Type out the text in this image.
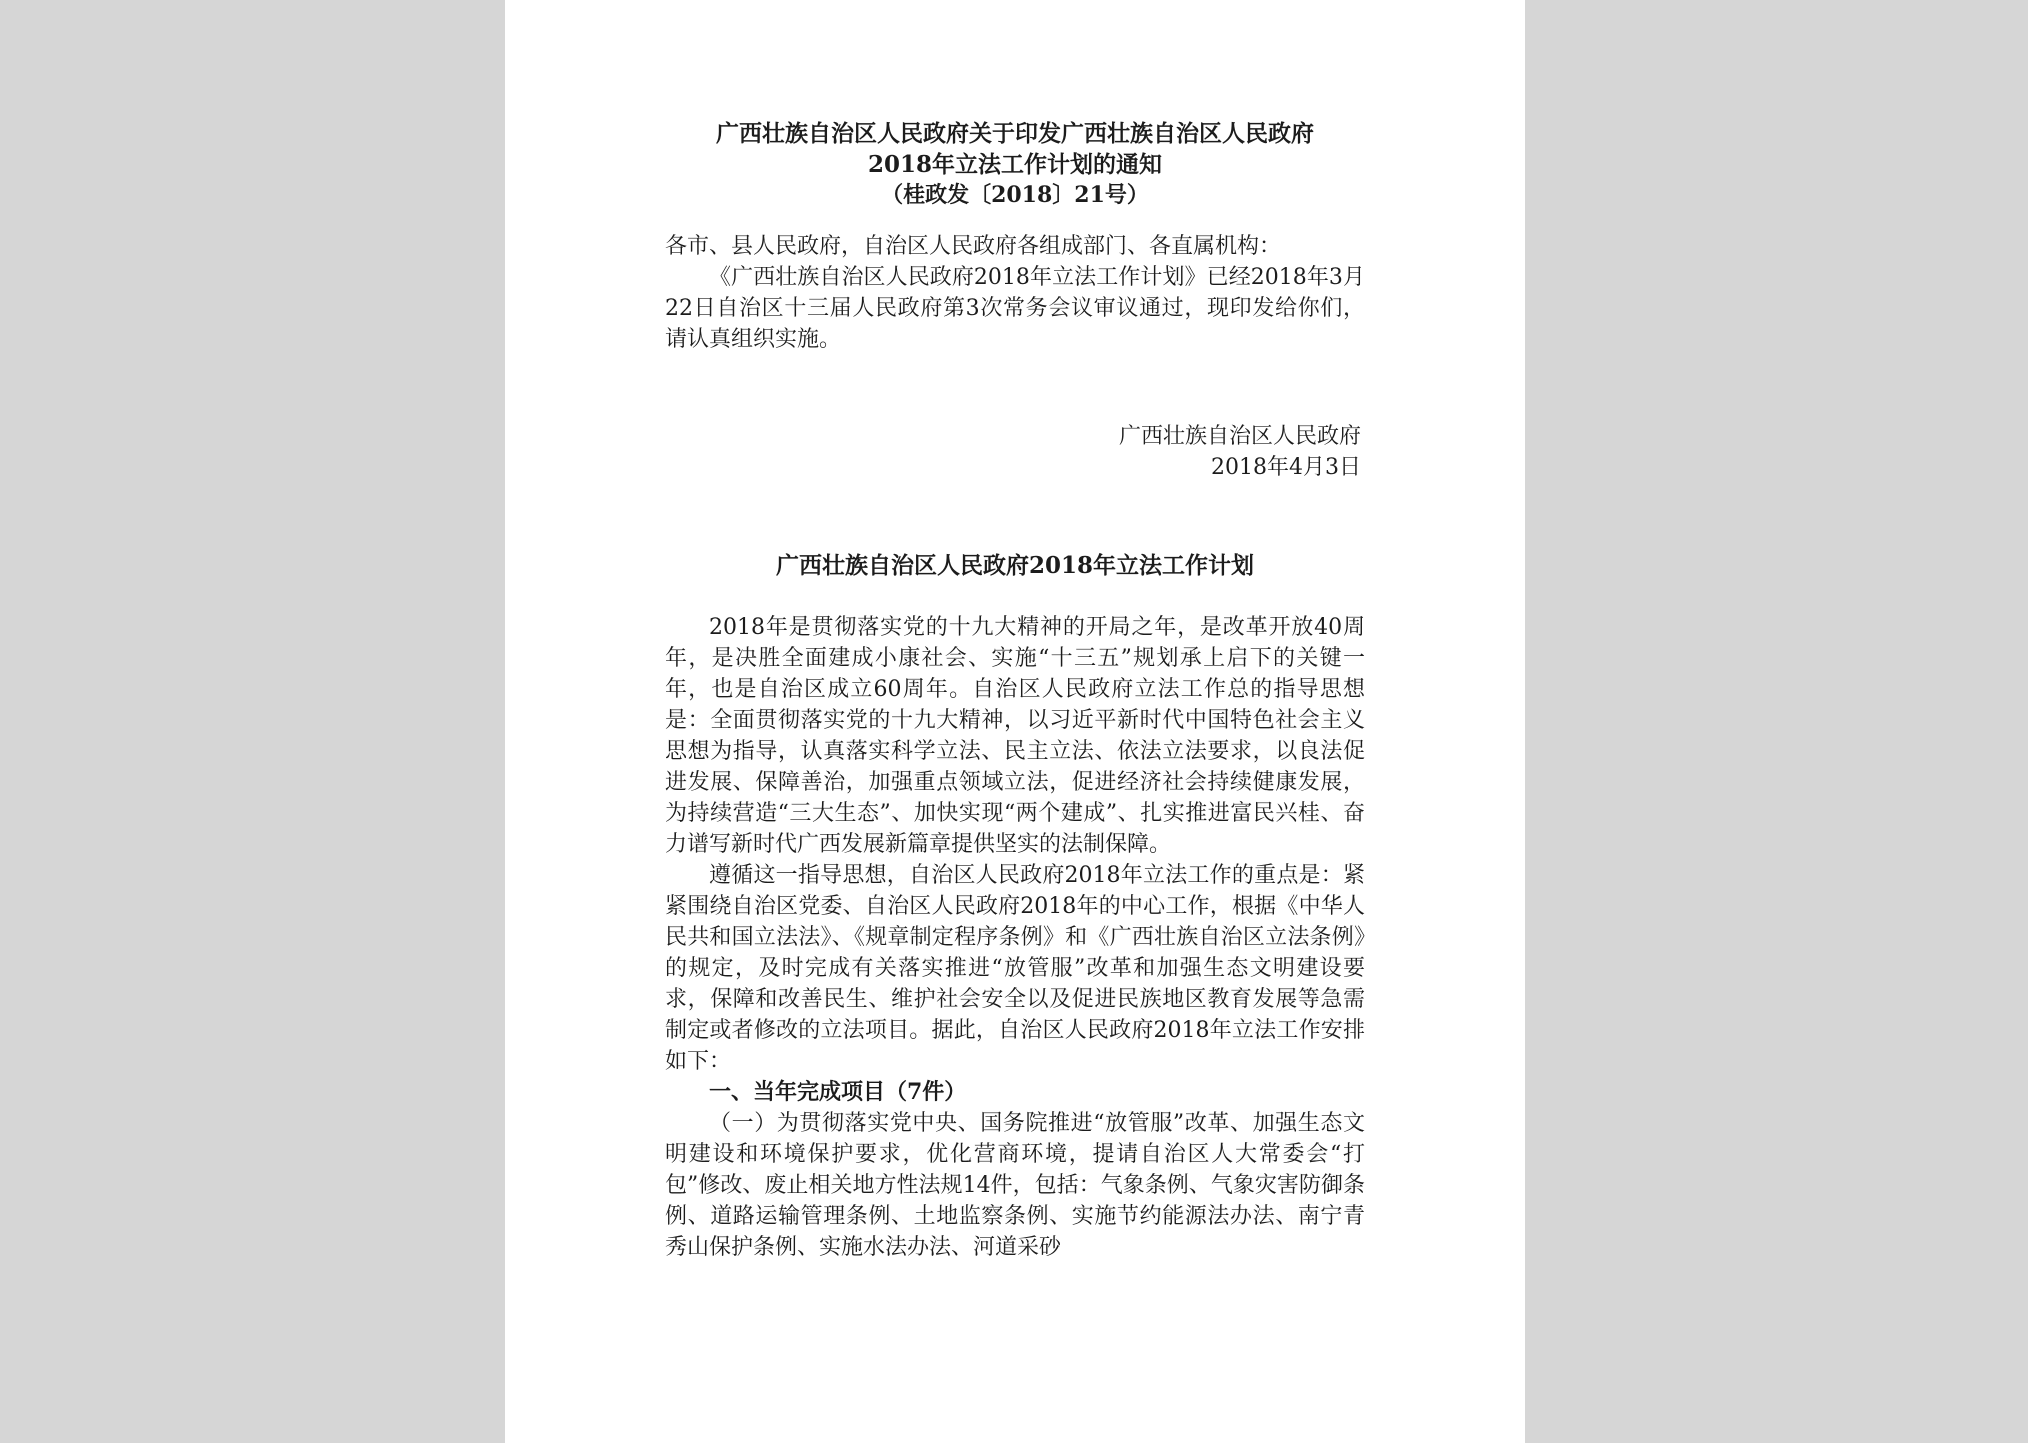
广西壮族自治区人民政府关于印发广西壮族自治区人民政府2018年立法工作计划的通知
（桂政发〔2018〕21号）
各市、县人民政府，自治区人民政府各组成部门、各直属机构：
《广西壮族自治区人民政府2018年立法工作计划》已经2018年3月22日自治区十三届人民政府第3次常务会议审议通过，现印发给你们，请认真组织实施。
广西壮族自治区人民政府
2018年4月3日
广西壮族自治区人民政府2018年立法工作计划
2018年是贯彻落实党的十九大精神的开局之年，是改革开放40周年，是决胜全面建成小康社会、实施“十三五”规划承上启下的关键一年，也是自治区成立60周年。自治区人民政府立法工作总的指导思想是：全面贯彻落实党的十九大精神，以习近平新时代中国特色社会主义思想为指导，认真落实科学立法、民主立法、依法立法要求，以良法促进发展、保障善治，加强重点领域立法，促进经济社会持续健康发展，为持续营造“三大生态”、加快实现“两个建成”、扎实推进富民兴桂、奋力谱写新时代广西发展新篇章提供坚实的法制保障。
遵循这一指导思想，自治区人民政府2018年立法工作的重点是：紧紧围绕自治区党委、自治区人民政府2018年的中心工作，根据《中华人民共和国立法法》、《规章制定程序条例》和《广西壮族自治区立法条例》的规定，及时完成有关落实推进“放管服”改革和加强生态文明建设要求，保障和改善民生、维护社会安全以及促进民族地区教育发展等急需制定或者修改的立法项目。据此，自治区人民政府2018年立法工作安排如下：
一、当年完成项目（7件）
（一）为贯彻落实党中央、国务院推进“放管服”改革、加强生态文明建设和环境保护要求，优化营商环境，提请自治区人大常委会“打包”修改、废止相关地方性法规14件，包括：气象条例、气象灾害防御条例、道路运输管理条例、土地监察条例、实施节约能源法办法、南宁青秀山保护条例、实施水法办法、河道采砂
